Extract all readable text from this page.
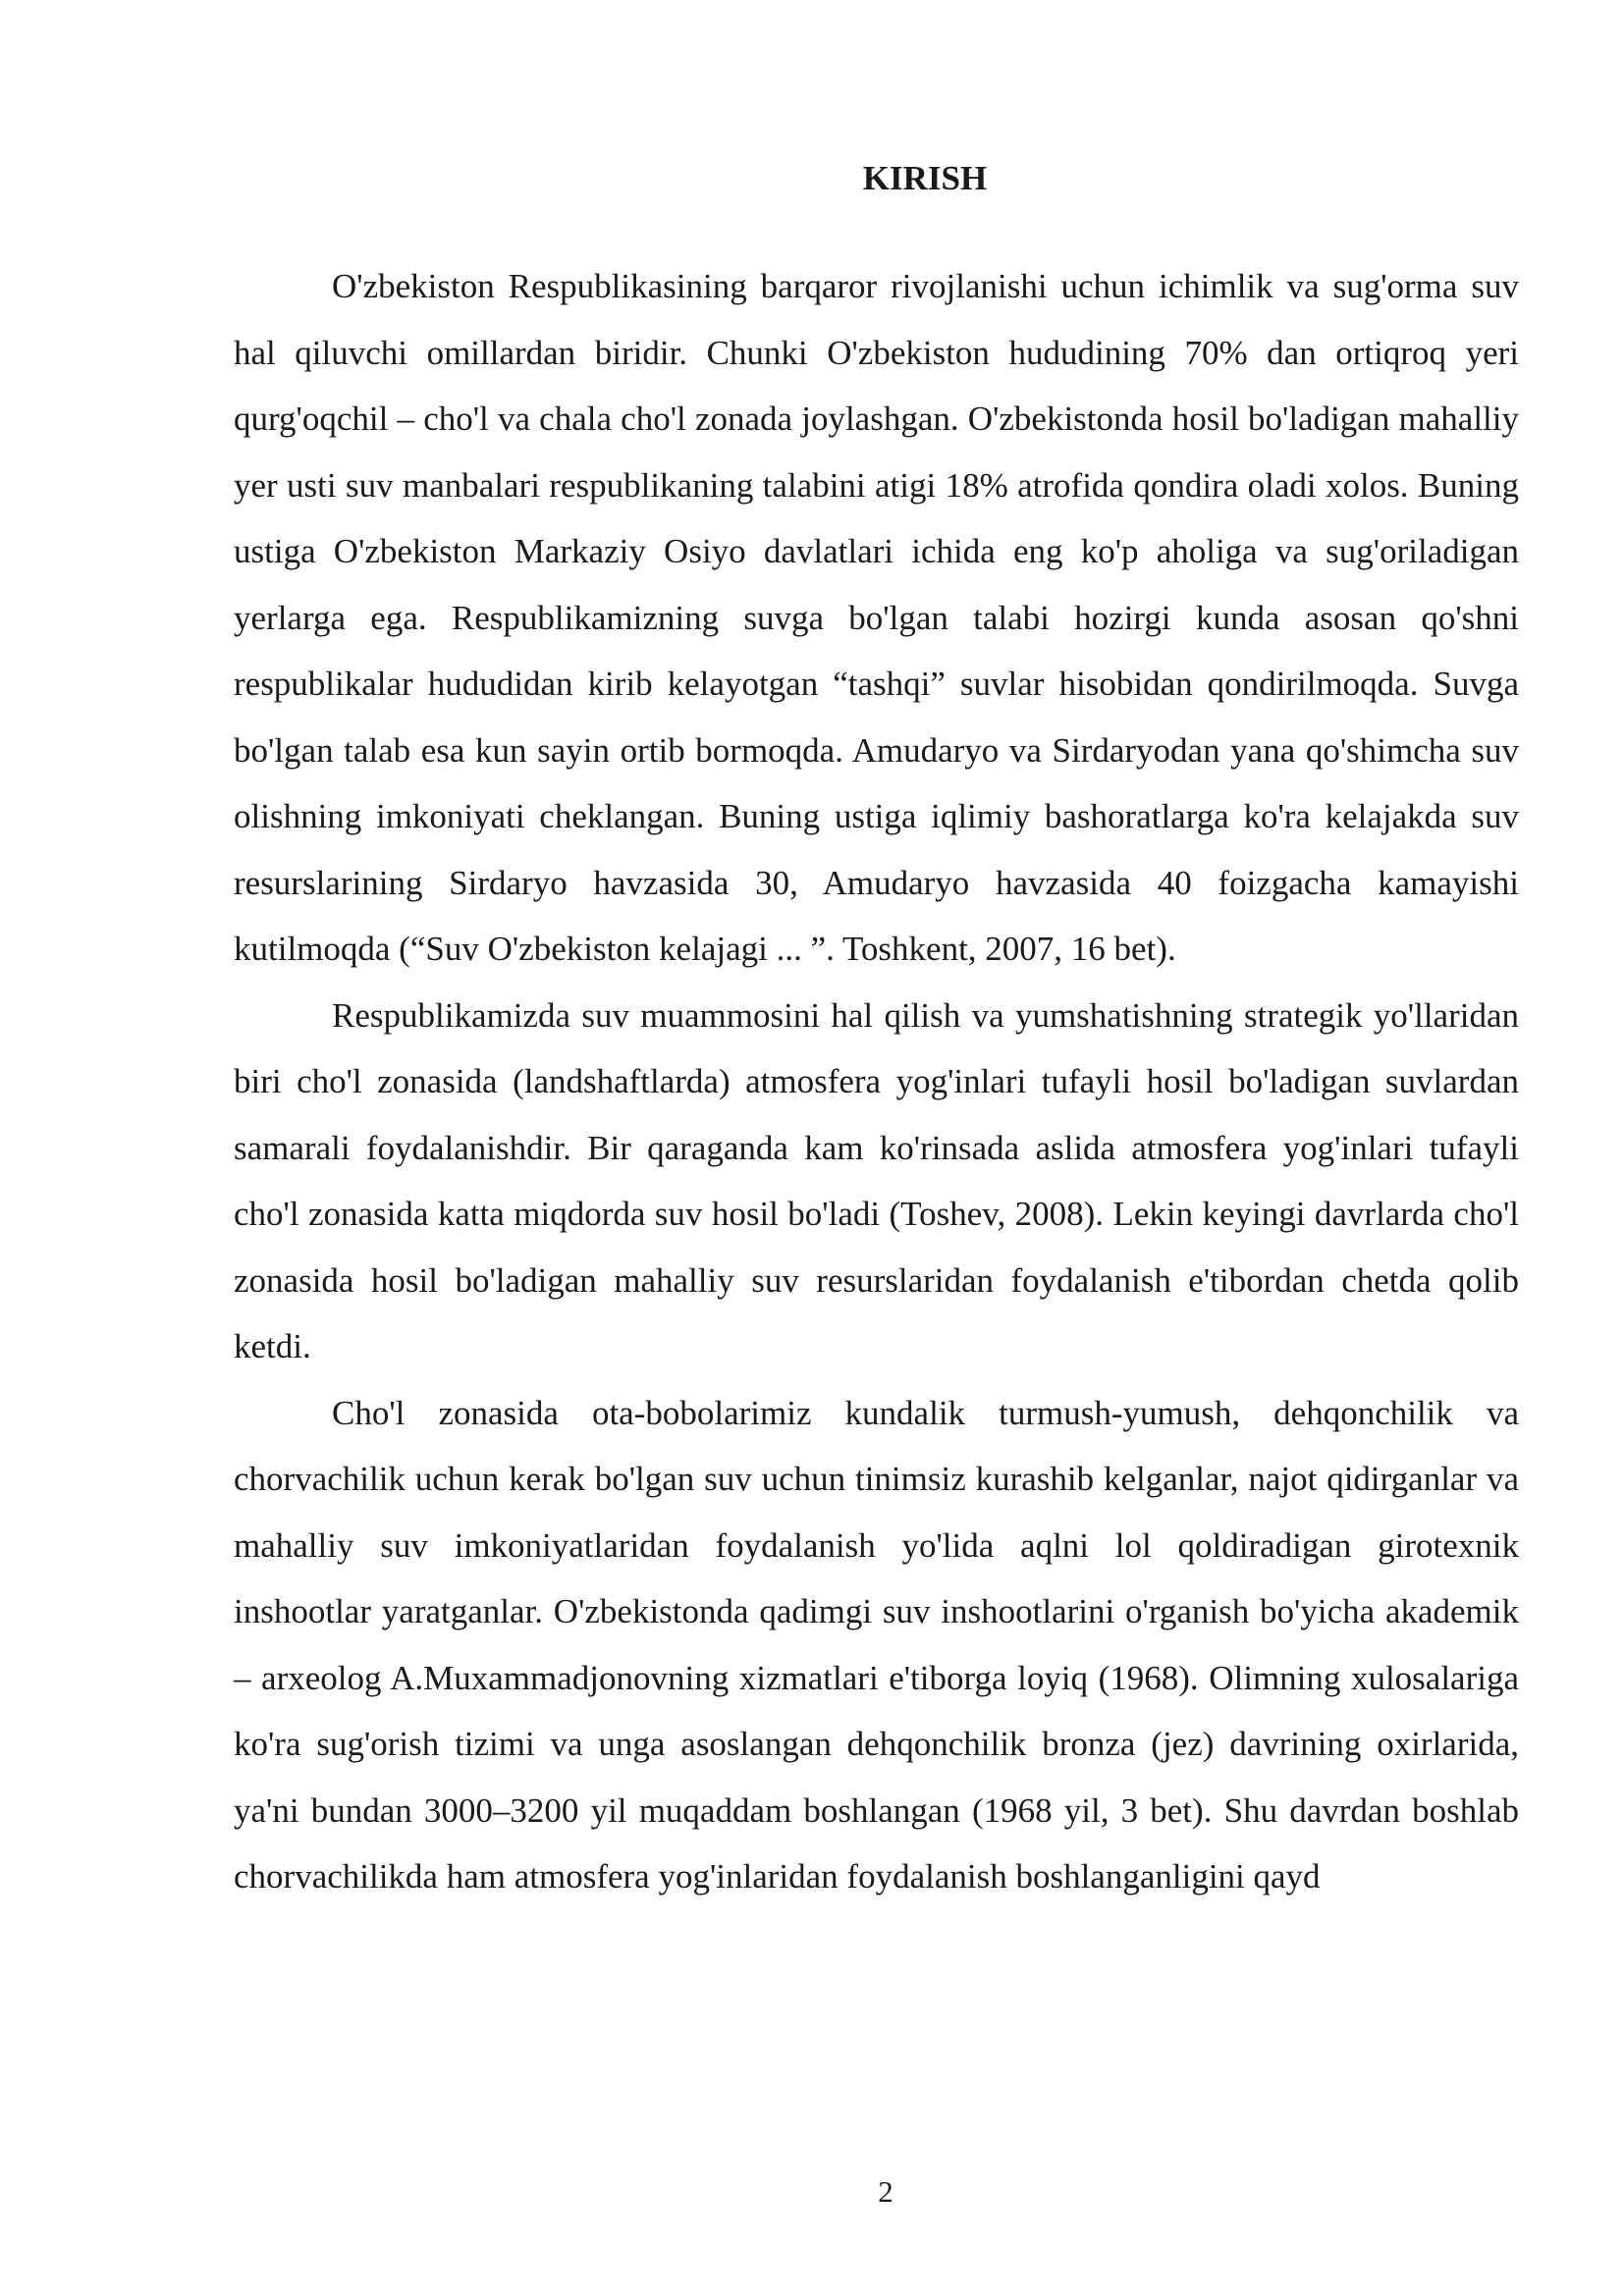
KIRISH

O'zbekiston Respublikasining barqaror rivojlanishi uchun ichimlik va sug'orma suv hal qiluvchi omillardan biridir. Chunki O'zbekiston hududining 70% dan ortiqroq yeri qurg'oqchil – cho'l va chala cho'l zonada joylashgan. O'zbekistonda hosil bo'ladigan mahalliy yer usti suv manbalari respublikaning talabini atigi 18% atrofida qondira oladi xolos. Buning ustiga O'zbekiston Markaziy Osiyo davlatlari ichida eng ko'p aholiga va sug'oriladigan yerlarga ega. Respublikamizning suvga bo'lgan talabi hozirgi kunda asosan qo'shni respublikalar hududidan kirib kelayotgan “tashqi” suvlar hisobidan qondirilmoqda. Suvga bo'lgan talab esa kun sayin ortib bormoqda. Amudaryo va Sirdaryodan yana qo'shimcha suv olishning imkoniyati cheklangan. Buning ustiga iqlimiy bashoratlarga ko'ra kelajakda suv resurslarining Sirdaryo havzasida 30, Amudaryo havzasida 40 foizgacha kamayishi kutilmoqda (“Suv O'zbekiston kelajagi ... ”. Toshkent, 2007, 16 bet).

Respublikamizda suv muammosini hal qilish va yumshatishning strategik yo'llaridan biri cho'l zonasida (landshaftlarda) atmosfera yog'inlari tufayli hosil bo'ladigan suvlardan samarali foydalanishdir. Bir qaraganda kam ko'rinsada aslida atmosfera yog'inlari tufayli cho'l zonasida katta miqdorda suv hosil bo'ladi (Toshev, 2008). Lekin keyingi davrlarda cho'l zonasida hosil bo'ladigan mahalliy suv resurslaridan foydalanish e'tibordan chetda qolib ketdi.

Cho'l zonasida ota-bobolarimiz kundalik turmush-yumush, dehqonchilik va chorvachilik uchun kerak bo'lgan suv uchun tinimsiz kurashib kelganlar, najot qidirganlar va mahalliy suv imkoniyatlaridan foydalanish yo'lida aqlni lol qoldiradigan girotexnik inshootlar yaratganlar. O'zbekistonda qadimgi suv inshootlarini o'rganish bo'yicha akademik – arxeolog A.Muxammadjonovning xizmatlari e'tiborga loyiq (1968). Olimning xulosalariga ko'ra sug'orish tizimi va unga asoslangan dehqonchilik bronza (jez) davrining oxirlarida, ya'ni bundan 3000–3200 yil muqaddam boshlangan (1968 yil, 3 bet). Shu davrdan boshlab chorvachilikda ham atmosfera yog'inlaridan foydalanish boshlanganligini qayd

2
